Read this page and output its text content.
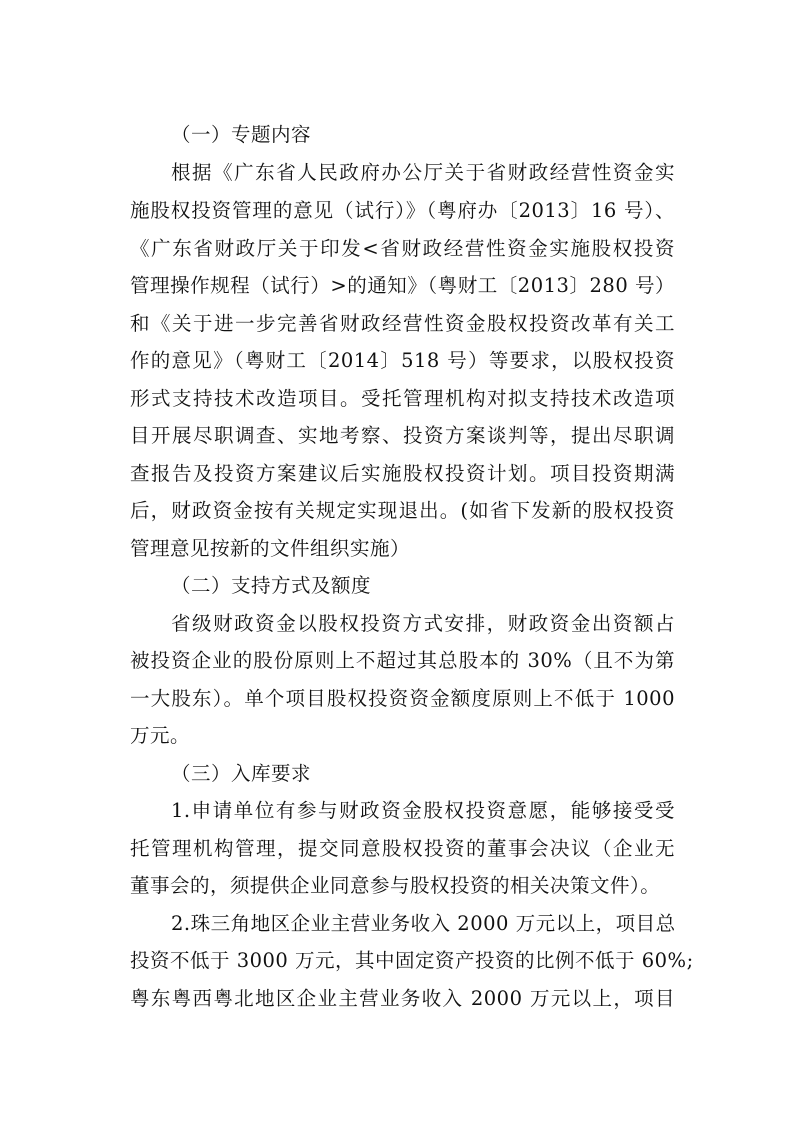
（一）专题内容
根据《广东省人民政府办公厅关于省财政经营性资金实
施股权投资管理的意见（试行）》（粤府办〔2013〕16 号）、
《广东省财政厅关于印发<省财政经营性资金实施股权投资
管理操作规程（试行）>的通知》（粤财工〔2013〕280 号）
和《关于进一步完善省财政经营性资金股权投资改革有关工
作的意见》（粤财工〔2014〕518 号）等要求，以股权投资
形式支持技术改造项目。受托管理机构对拟支持技术改造项
目开展尽职调查、实地考察、投资方案谈判等，提出尽职调
查报告及投资方案建议后实施股权投资计划。项目投资期满
后，财政资金按有关规定实现退出。(如省下发新的股权投资
管理意见按新的文件组织实施）
（二）支持方式及额度
省级财政资金以股权投资方式安排，财政资金出资额占
被投资企业的股份原则上不超过其总股本的 30%（且不为第
一大股东）。单个项目股权投资资金额度原则上不低于 1000
万元。
（三）入库要求
1.申请单位有参与财政资金股权投资意愿，能够接受受
托管理机构管理，提交同意股权投资的董事会决议（企业无
董事会的，须提供企业同意参与股权投资的相关决策文件）。
2.珠三角地区企业主营业务收入 2000 万元以上，项目总
投资不低于 3000 万元，其中固定资产投资的比例不低于 60%;
粤东粤西粤北地区企业主营业务收入 2000 万元以上，项目
